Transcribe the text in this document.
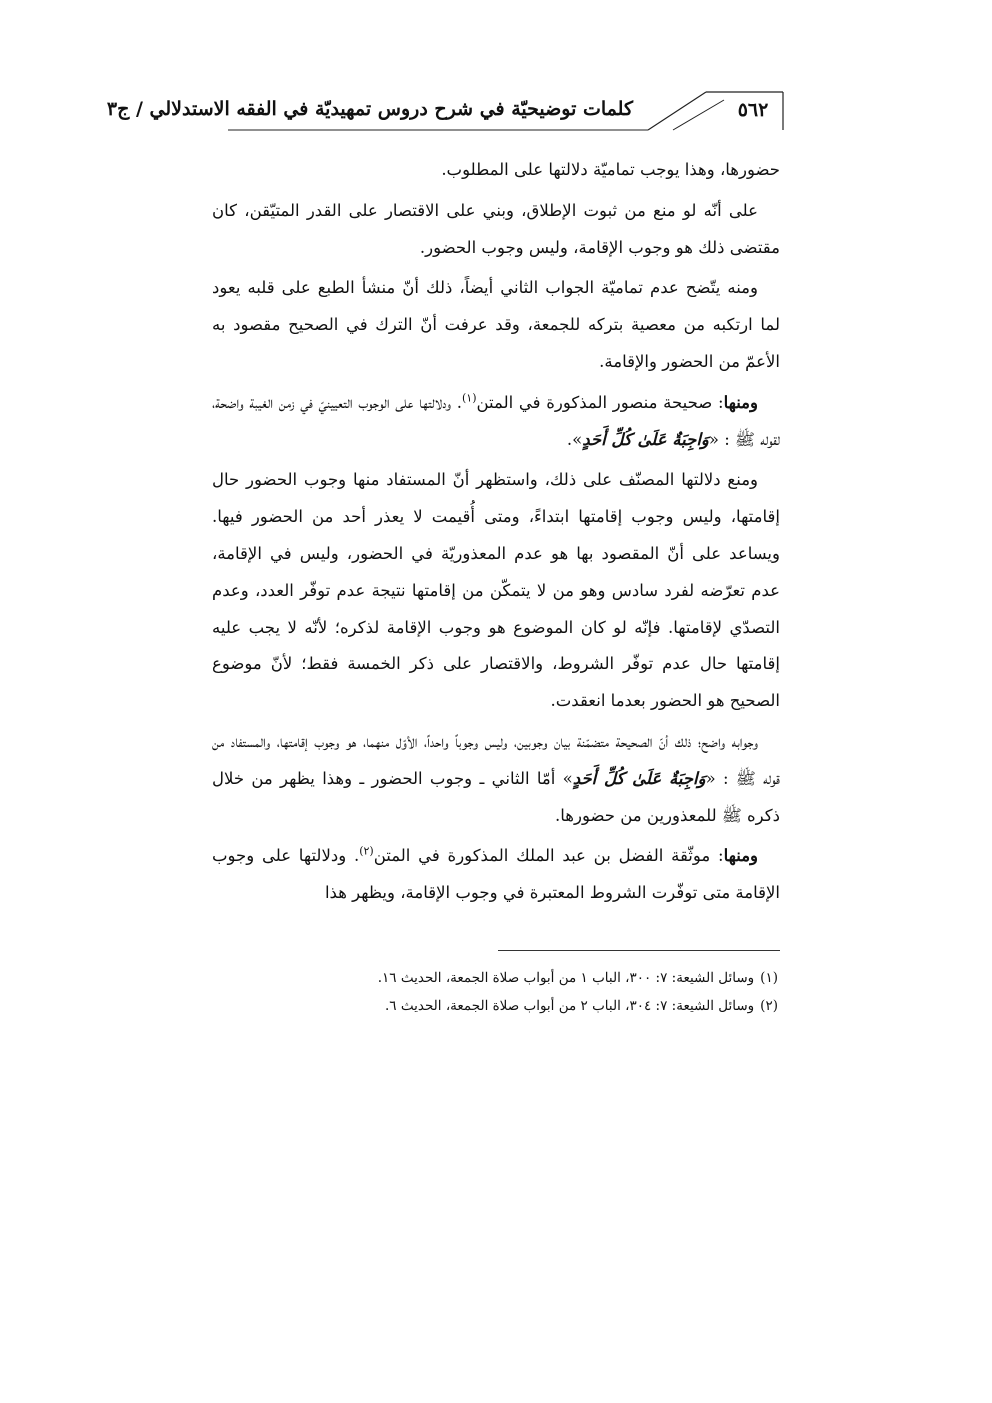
كلمات توضيحيّة في شرح دروس تمهيديّة في الفقه الاستدلالي / ج٣	٥٦٢

حضورها، وهذا يوجب تماميّة دلالتها على المطلوب.

على أنّه لو منع من ثبوت الإطلاق، وبني على الاقتصار على القدر المتيّقن، كان مقتضى ذلك هو وجوب الإقامة، وليس وجوب الحضور.

ومنه يتّضح عدم تماميّة الجواب الثاني أيضاً، ذلك أنّ منشأ الطبع على قلبه يعود لما ارتكبه من معصية بتركه للجمعة، وقد عرفت أنّ الترك في الصحيح مقصود به الأعمّ من الحضور والإقامة.

ومنها: صحيحة منصور المذكورة في المتن$^{(١)}$. ودلالتها على الوجوب التعيينيّ في زمن الغيبة واضحة، لقوله ﷺ : «وَاجِبَةٌ عَلَىٰ كُلِّ أَحَدٍ».

ومنع دلالتها المصنّف على ذلك، واستظهر أنّ المستفاد منها وجوب الحضور حال إقامتها، وليس وجوب إقامتها ابتداءً، ومتى أُقيمت لا يعذر أحد من الحضور فيها. ويساعد على أنّ المقصود بها هو عدم المعذوريّة في الحضور، وليس في الإقامة، عدم تعرّضه لفرد سادس وهو من لا يتمكّن من إقامتها نتيجة عدم توفّر العدد، وعدم التصدّي لإقامتها. فإنّه لو كان الموضوع هو وجوب الإقامة لذكره؛ لأنّه لا يجب عليه إقامتها حال عدم توفّر الشروط، والاقتصار على ذكر الخمسة فقط؛ لأنّ موضوع الصحيح هو الحضور بعدما انعقدت.

وجوابه واضح؛ ذلك أنّ الصحيحة متضمّنة بيان وجوبين، وليس وجوباً واحداً، الأوّل منهما، هو وجوب إقامتها، والمستفاد من قوله ﷺ : «وَاجِبَةٌ عَلَىٰ كُلِّ أَحَدٍ» أمّا الثاني ـ وجوب الحضور ـ وهذا يظهر من خلال ذكره ﷺ للمعذورين من حضورها.

ومنها: موثّقة الفضل بن عبد الملك المذكورة في المتن$^{(٢)}$. ودلالتها على وجوب الإقامة متى توفّرت الشروط المعتبرة في وجوب الإقامة، ويظهر هذا

(١)وسائل الشيعة: ٧: ٣٠٠، الباب ١ من أبواب صلاة الجمعة، الحديث ١٦.

(٢)وسائل الشيعة: ٧: ٣٠٤، الباب ٢ من أبواب صلاة الجمعة، الحديث ٦.
